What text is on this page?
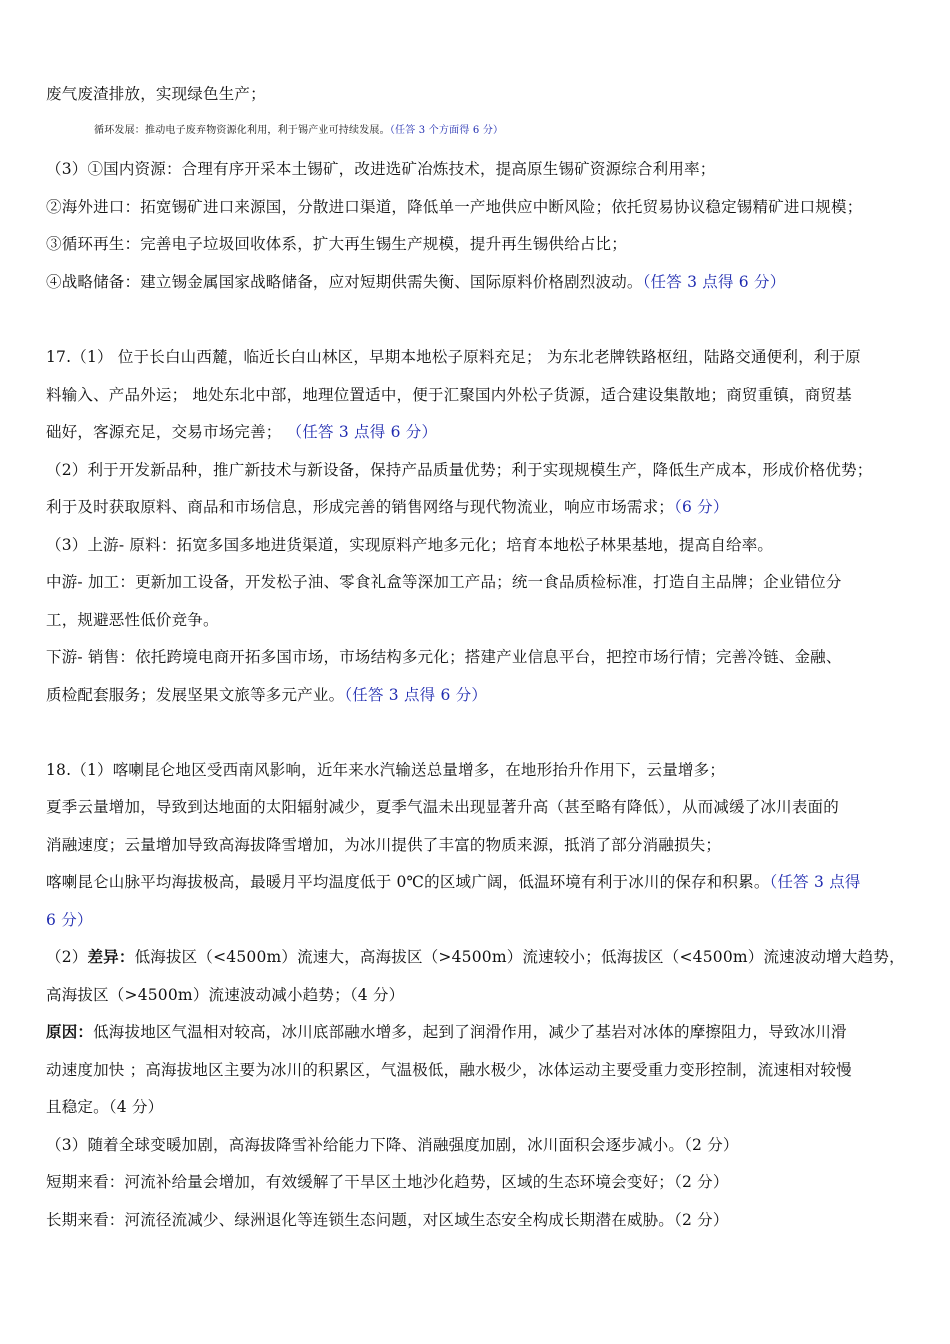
废气废渣排放，实现绿色生产；
循环发展：推动电子废弃物资源化利用，利于锡产业可持续发展。（任答 3 个方面得 6 分）
（3）①国内资源：合理有序开采本土锡矿，改进选矿冶炼技术，提高原生锡矿资源综合利用率；
②海外进口：拓宽锡矿进口来源国，分散进口渠道，降低单一产地供应中断风险；依托贸易协议稳定锡精矿进口规模；
③循环再生：完善电子垃圾回收体系，扩大再生锡生产规模，提升再生锡供给占比；
④战略储备：建立锡金属国家战略储备，应对短期供需失衡、国际原料价格剧烈波动。（任答 3 点得 6 分）
17.（1） 位于长白山西麓，临近长白山林区，早期本地松子原料充足； 为东北老牌铁路枢纽，陆路交通便利，利于原
料输入、产品外运； 地处东北中部，地理位置适中，便于汇聚国内外松子货源，适合建设集散地；商贸重镇，商贸基
础好，客源充足，交易市场完善； （任答 3 点得 6 分）
（2）利于开发新品种，推广新技术与新设备，保持产品质量优势；利于实现规模生产，降低生产成本，形成价格优势；
利于及时获取原料、商品和市场信息，形成完善的销售网络与现代物流业，响应市场需求；（6 分）
（3）上游- 原料：拓宽多国多地进货渠道，实现原料产地多元化；培育本地松子林果基地，提高自给率。
中游- 加工：更新加工设备，开发松子油、零食礼盒等深加工产品；统一食品质检标准，打造自主品牌；企业错位分
工，规避恶性低价竞争。
下游- 销售：依托跨境电商开拓多国市场，市场结构多元化；搭建产业信息平台，把控市场行情；完善冷链、金融、
质检配套服务；发展坚果文旅等多元产业。（任答 3 点得 6 分）
18.（1）喀喇昆仑地区受西南风影响，近年来水汽输送总量增多，在地形抬升作用下，云量增多；
夏季云量增加，导致到达地面的太阳辐射减少，夏季气温未出现显著升高（甚至略有降低），从而减缓了冰川表面的
消融速度；云量增加导致高海拔降雪增加，为冰川提供了丰富的物质来源，抵消了部分消融损失；
喀喇昆仑山脉平均海拔极高，最暖月平均温度低于 0℃的区域广阔，低温环境有利于冰川的保存和积累。（任答 3 点得
6 分）
（2）差异：低海拔区（<4500m）流速大，高海拔区（>4500m）流速较小；低海拔区（<4500m）流速波动增大趋势，
高海拔区（>4500m）流速波动减小趋势；（4 分）
原因：低海拔地区气温相对较高，冰川底部融水增多，起到了润滑作用，减少了基岩对冰体的摩擦阻力，导致冰川滑
动速度加快 ；高海拔地区主要为冰川的积累区，气温极低，融水极少，冰体运动主要受重力变形控制，流速相对较慢
且稳定。（4 分）
（3）随着全球变暖加剧，高海拔降雪补给能力下降、消融强度加剧，冰川面积会逐步减小。（2 分）
短期来看：河流补给量会增加，有效缓解了干旱区土地沙化趋势，区域的生态环境会变好；（2 分）
长期来看：河流径流减少、绿洲退化等连锁生态问题，对区域生态安全构成长期潜在威胁。（2 分）
